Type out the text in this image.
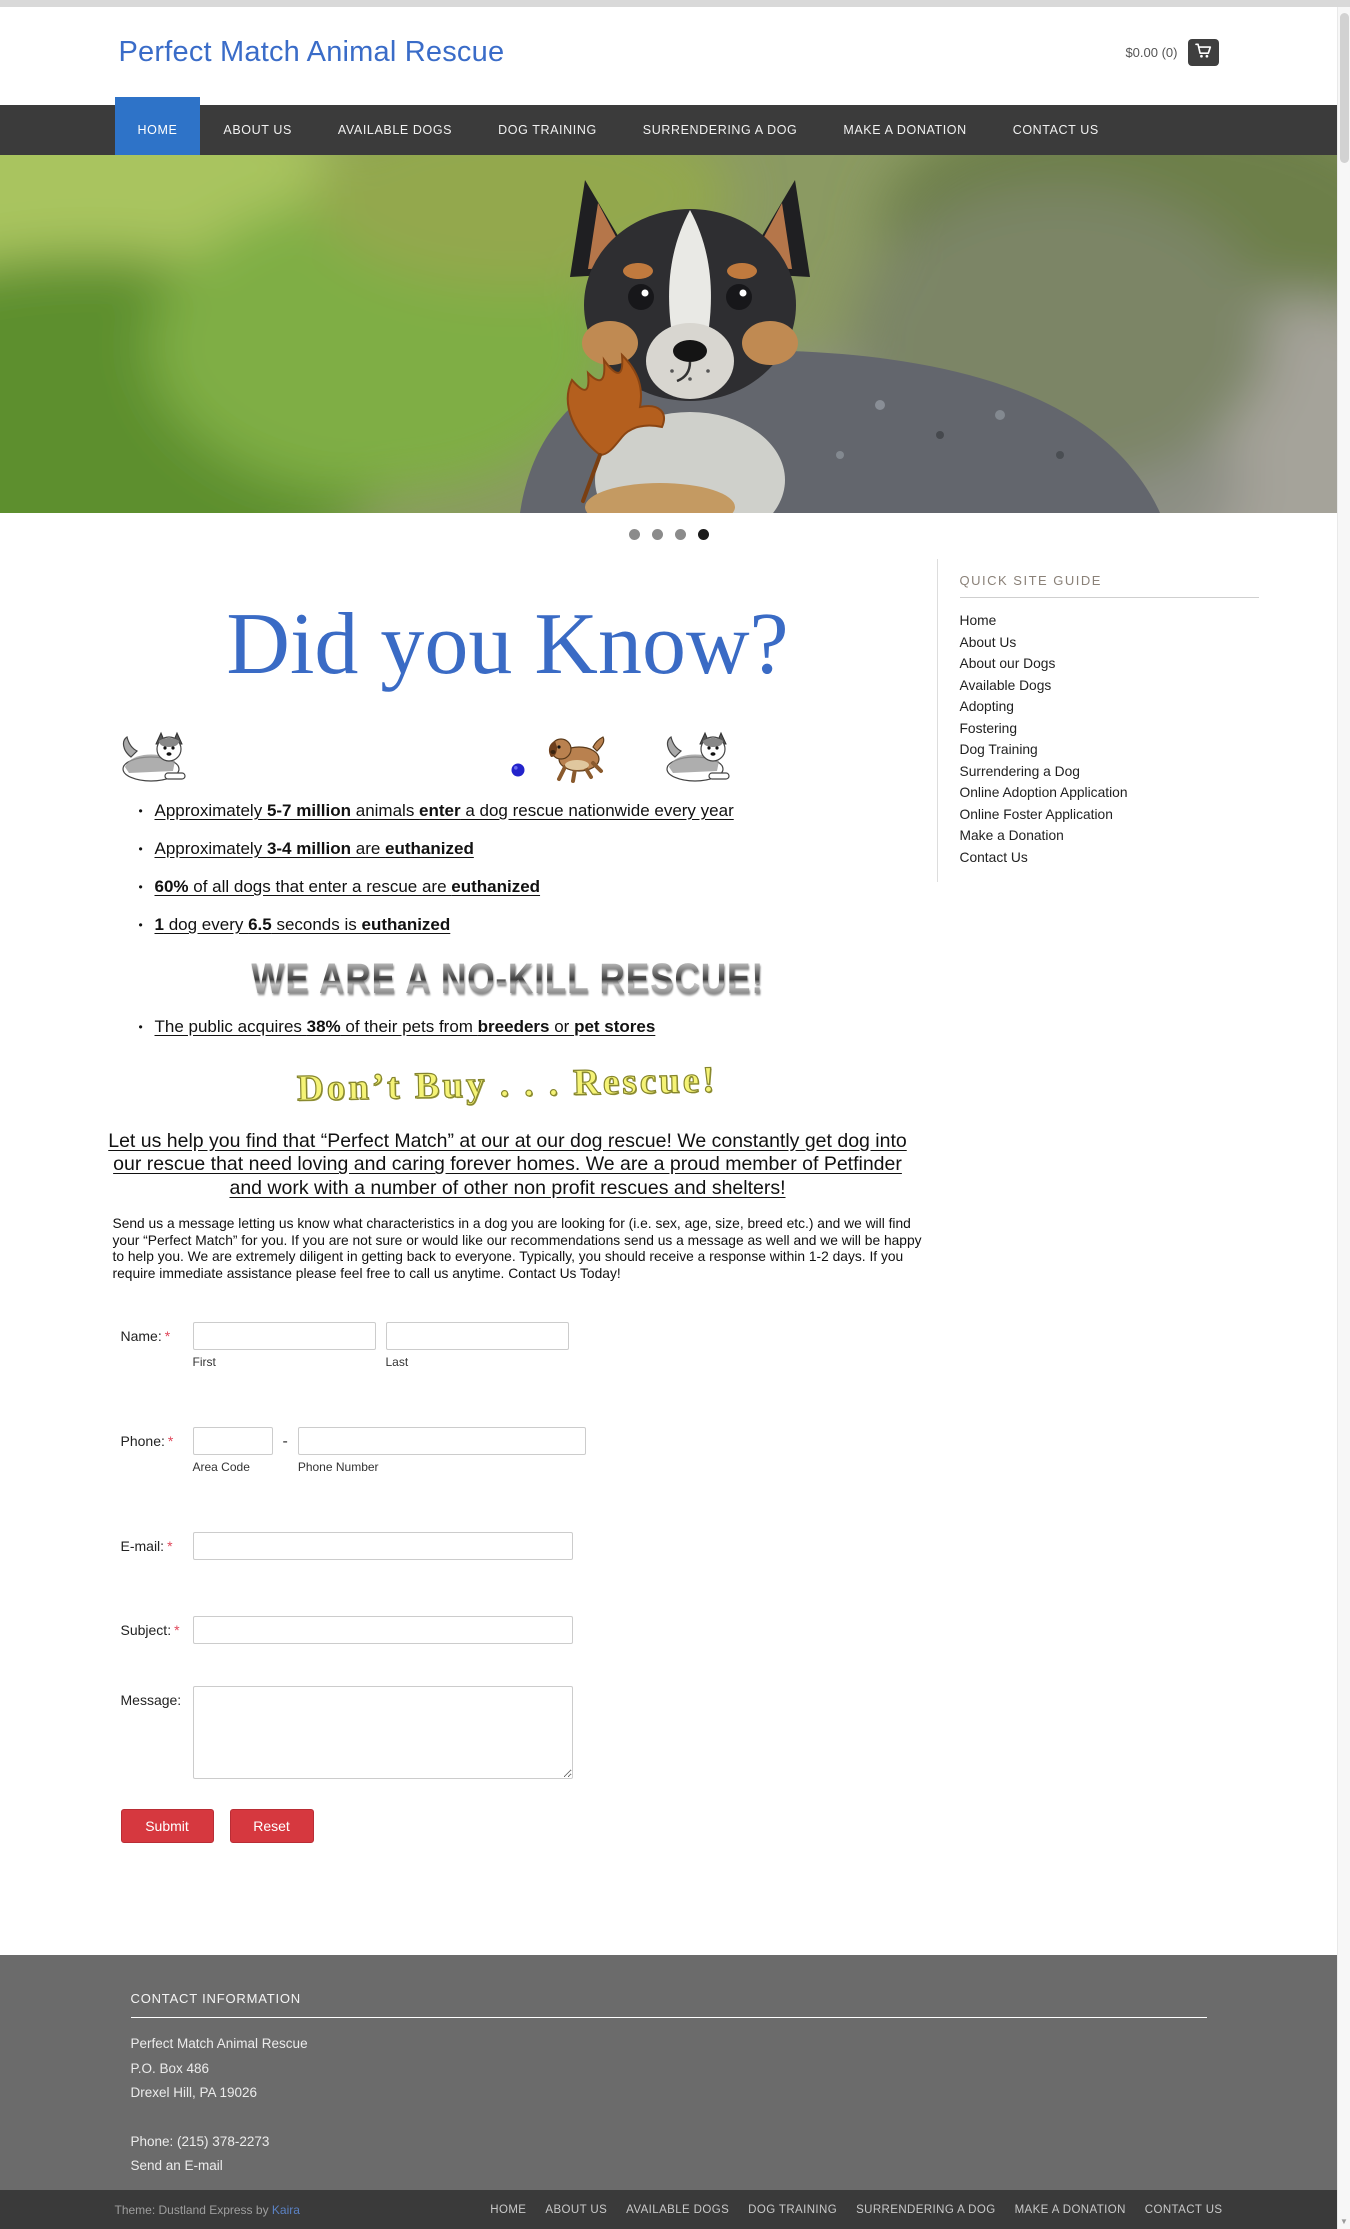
Perfect Match Animal Rescue	$0.00 (0)
HOME	ABOUT US	AVAILABLE DOGS	DOG TRAINING	SURRENDERING A DOG	MAKE A DONATION	CONTACT US
Did you Know?
• Approximately 5-7 million animals enter a dog rescue nationwide every year
• Approximately 3-4 million are euthanized
• 60% of all dogs that enter a rescue are euthanized
• 1 dog every 6.5 seconds is euthanized
WE ARE A NO-KILL RESCUE!
• The public acquires 38% of their pets from breeders or pet stores
Don’t Buy . . . Rescue!

Let us help you find that “Perfect Match” at our at our dog rescue! We constantly get dog into our rescue that need loving and caring forever homes. We are a proud member of Petfinder and work with a number of other non profit rescues and shelters!

Send us a message letting us know what characteristics in a dog you are looking for (i.e. sex, age, size, breed etc.) and we will find your “Perfect Match” for you. If you are not sure or would like our recommendations send us a message as well and we will be happy to help you. We are extremely diligent in getting back to everyone. Typically, you should receive a response within 1-2 days. If you require immediate assistance please feel free to call us anytime. Contact Us Today!

Name: *
First	Last
Phone: *
Area Code
-
Phone Number
E-mail: *
Subject: *
Message:
Submit	Reset
QUICK SITE GUIDE
Home
About Us
About our Dogs
Available Dogs
Adopting
Fostering
Dog Training
Surrendering a Dog
Online Adoption Application
Online Foster Application
Make a Donation
Contact Us
CONTACT INFORMATION
Perfect Match Animal Rescue
P.O. Box 486
Drexel Hill, PA 19026
Phone: (215) 378-2273
Send an E-mail
Theme: Dustland Express by Kaira	HOME ABOUT US AVAILABLE DOGS DOG TRAINING SURRENDERING A DOG MAKE A DONATION CONTACT US
▼
